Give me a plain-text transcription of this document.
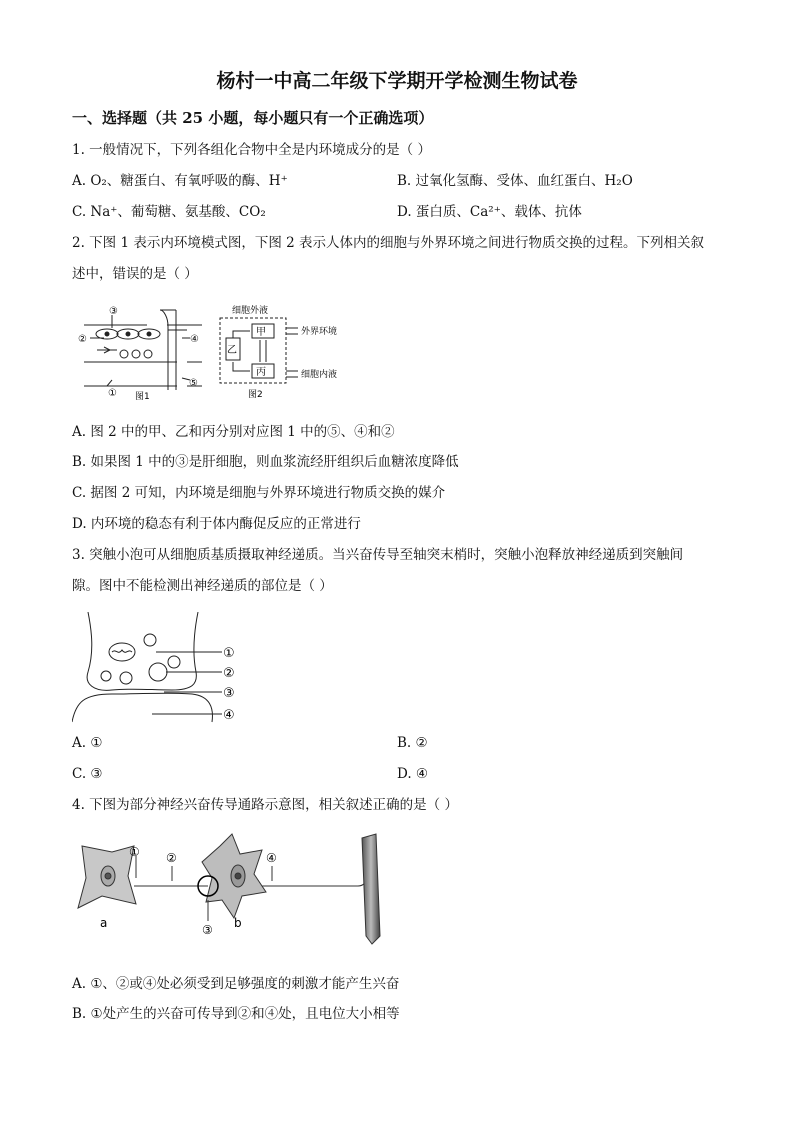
杨村一中高二年级下学期开学检测生物试卷
一、选择题（共 25 小题，每小题只有一个正确选项）
1. 一般情况下，下列各组化合物中全是内环境成分的是（ ）
A. O₂、糖蛋白、有氧呼吸的酶、H⁺	B. 过氧化氢酶、受体、血红蛋白、H₂O
C. Na⁺、葡萄糖、氨基酸、CO₂	D. 蛋白质、Ca²⁺、载体、抗体
2. 下图 1 表示内环境模式图，下图 2 表示人体内的细胞与外界环境之间进行物质交换的过程。下列相关叙
述中，错误的是（ ）
③
②	④
①
⑤
图1
细胞外液
甲
乙
丙
外界环境
细胞内液
图2
A. 图 2 中的甲、乙和丙分别对应图 1 中的⑤、④和②
B. 如果图 1 中的③是肝细胞，则血浆流经肝组织后血糖浓度降低
C. 据图 2 可知，内环境是细胞与外界环境进行物质交换的媒介
D. 内环境的稳态有利于体内酶促反应的正常进行
3. 突触小泡可从细胞质基质摄取神经递质。当兴奋传导至轴突末梢时，突触小泡释放神经递质到突触间
隙。图中不能检测出神经递质的部位是（ ）
①
②
③
④
A. ①	B. ②
C. ③	D. ④
4. 下图为部分神经兴奋传导通路示意图，相关叙述正确的是（ ）
① ②
③
④
a	b
A. ①、②或④处必须受到足够强度的刺激才能产生兴奋
B. ①处产生的兴奋可传导到②和④处，且电位大小相等
